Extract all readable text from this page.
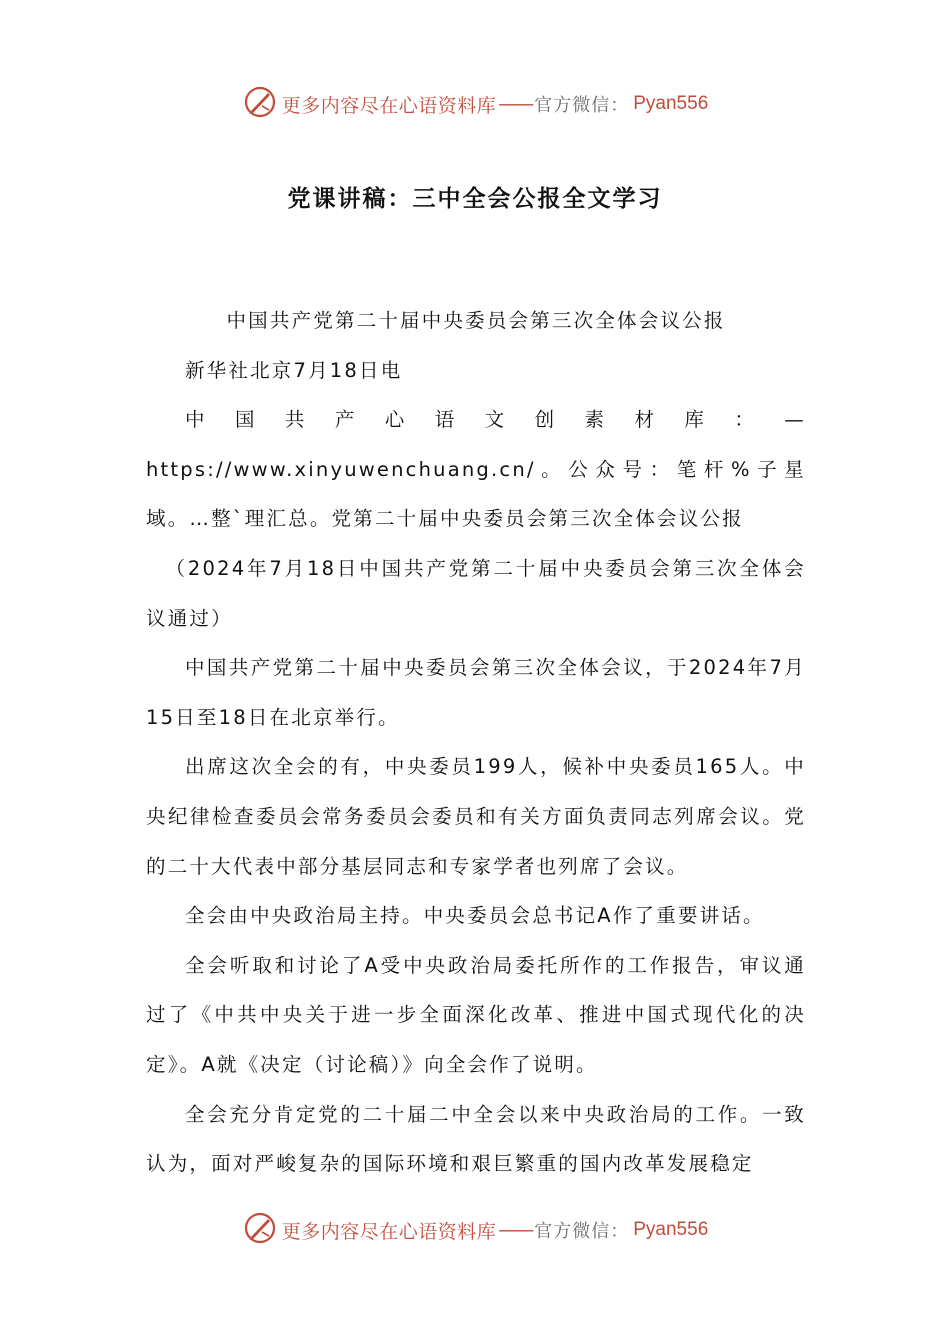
更多内容尽在心语资料库 —— 官方微信： Pyan556
党课讲稿：三中全会公报全文学习

中国共产党第二十届中央委员会第三次全体会议公报

新华社北京7月18日电

中国共产心语文创素材库：—https://www.xinyuwenchuang.cn/。公众号：笔杆%子星域。…整`理汇总。党第二十届中央委员会第三次全体会议公报

（2024年7月18日中国共产党第二十届中央委员会第三次全体会议通过）

中国共产党第二十届中央委员会第三次全体会议，于2024年7月15日至18日在北京举行。

出席这次全会的有，中央委员199人，候补中央委员165人。中央纪律检查委员会常务委员会委员和有关方面负责同志列席会议。党的二十大代表中部分基层同志和专家学者也列席了会议。

全会由中央政治局主持。中央委员会总书记A作了重要讲话。

全会听取和讨论了A受中央政治局委托所作的工作报告，审议通过了《中共中央关于进一步全面深化改革、推进中国式现代化的决定》。A就《决定（讨论稿）》向全会作了说明。

全会充分肯定党的二十届二中全会以来中央政治局的工作。一致认为，面对严峻复杂的国际环境和艰巨繁重的国内改革发展稳定

更多内容尽在心语资料库 —— 官方微信： Pyan556
